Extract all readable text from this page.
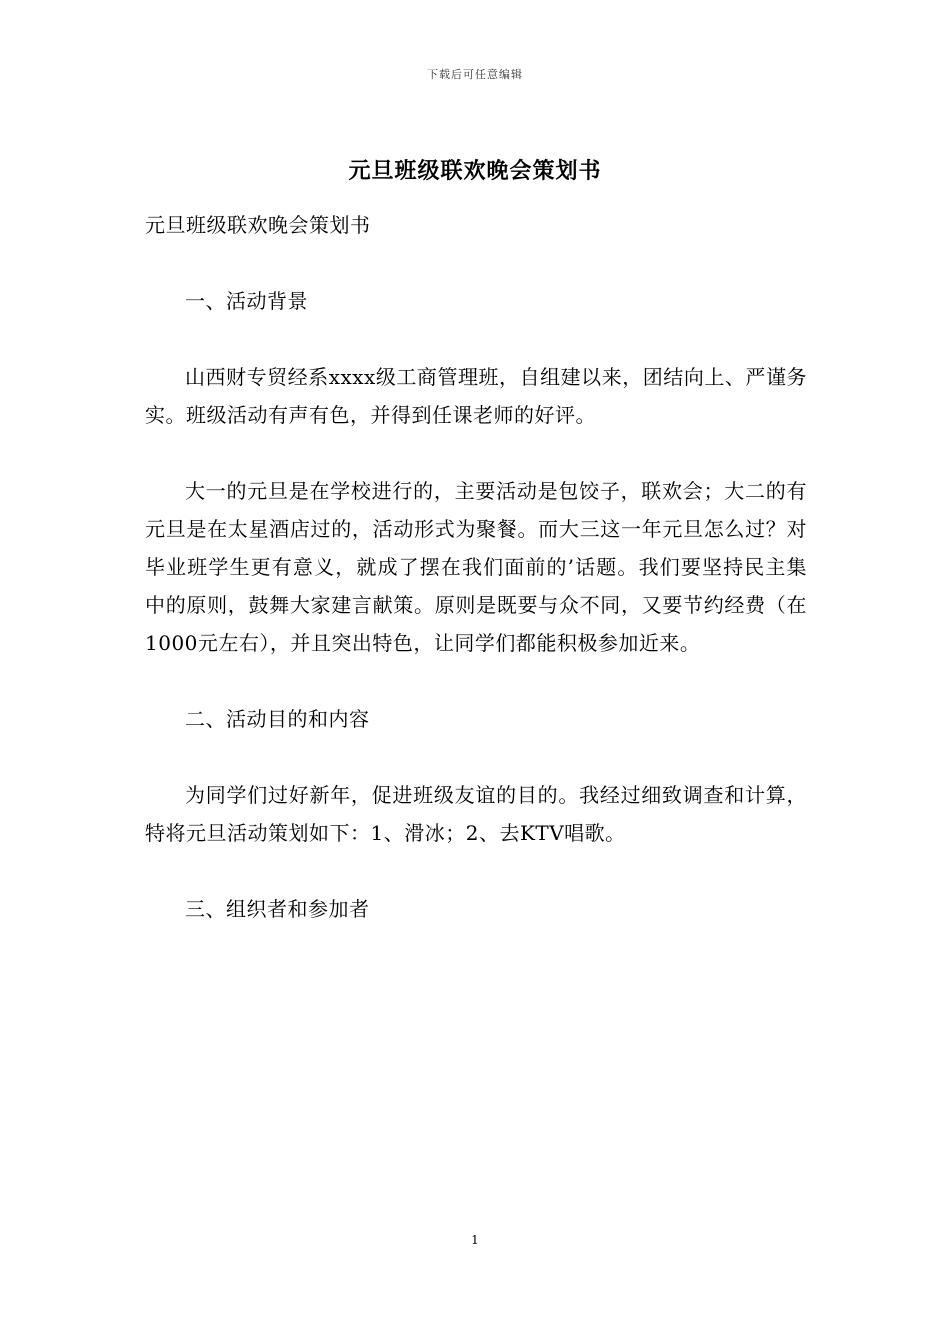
下载后可任意编辑
元旦班级联欢晚会策划书

元旦班级联欢晚会策划书

一、活动背景

山西财专贸经系xxxx级工商管理班，自组建以来，团结向上、严谨务实。班级活动有声有色，并得到任课老师的好评。

大一的元旦是在学校进行的，主要活动是包饺子，联欢会；大二的有元旦是在太星酒店过的，活动形式为聚餐。而大三这一年元旦怎么过？对毕业班学生更有意义，就成了摆在我们面前的’话题。我们要坚持民主集中的原则，鼓舞大家建言献策。原则是既要与众不同，又要节约经费（在1000元左右），并且突出特色，让同学们都能积极参加近来。

二、活动目的和内容

为同学们过好新年，促进班级友谊的目的。我经过细致调查和计算，特将元旦活动策划如下：1、滑冰；2、去KTV唱歌。

三、组织者和参加者

1
